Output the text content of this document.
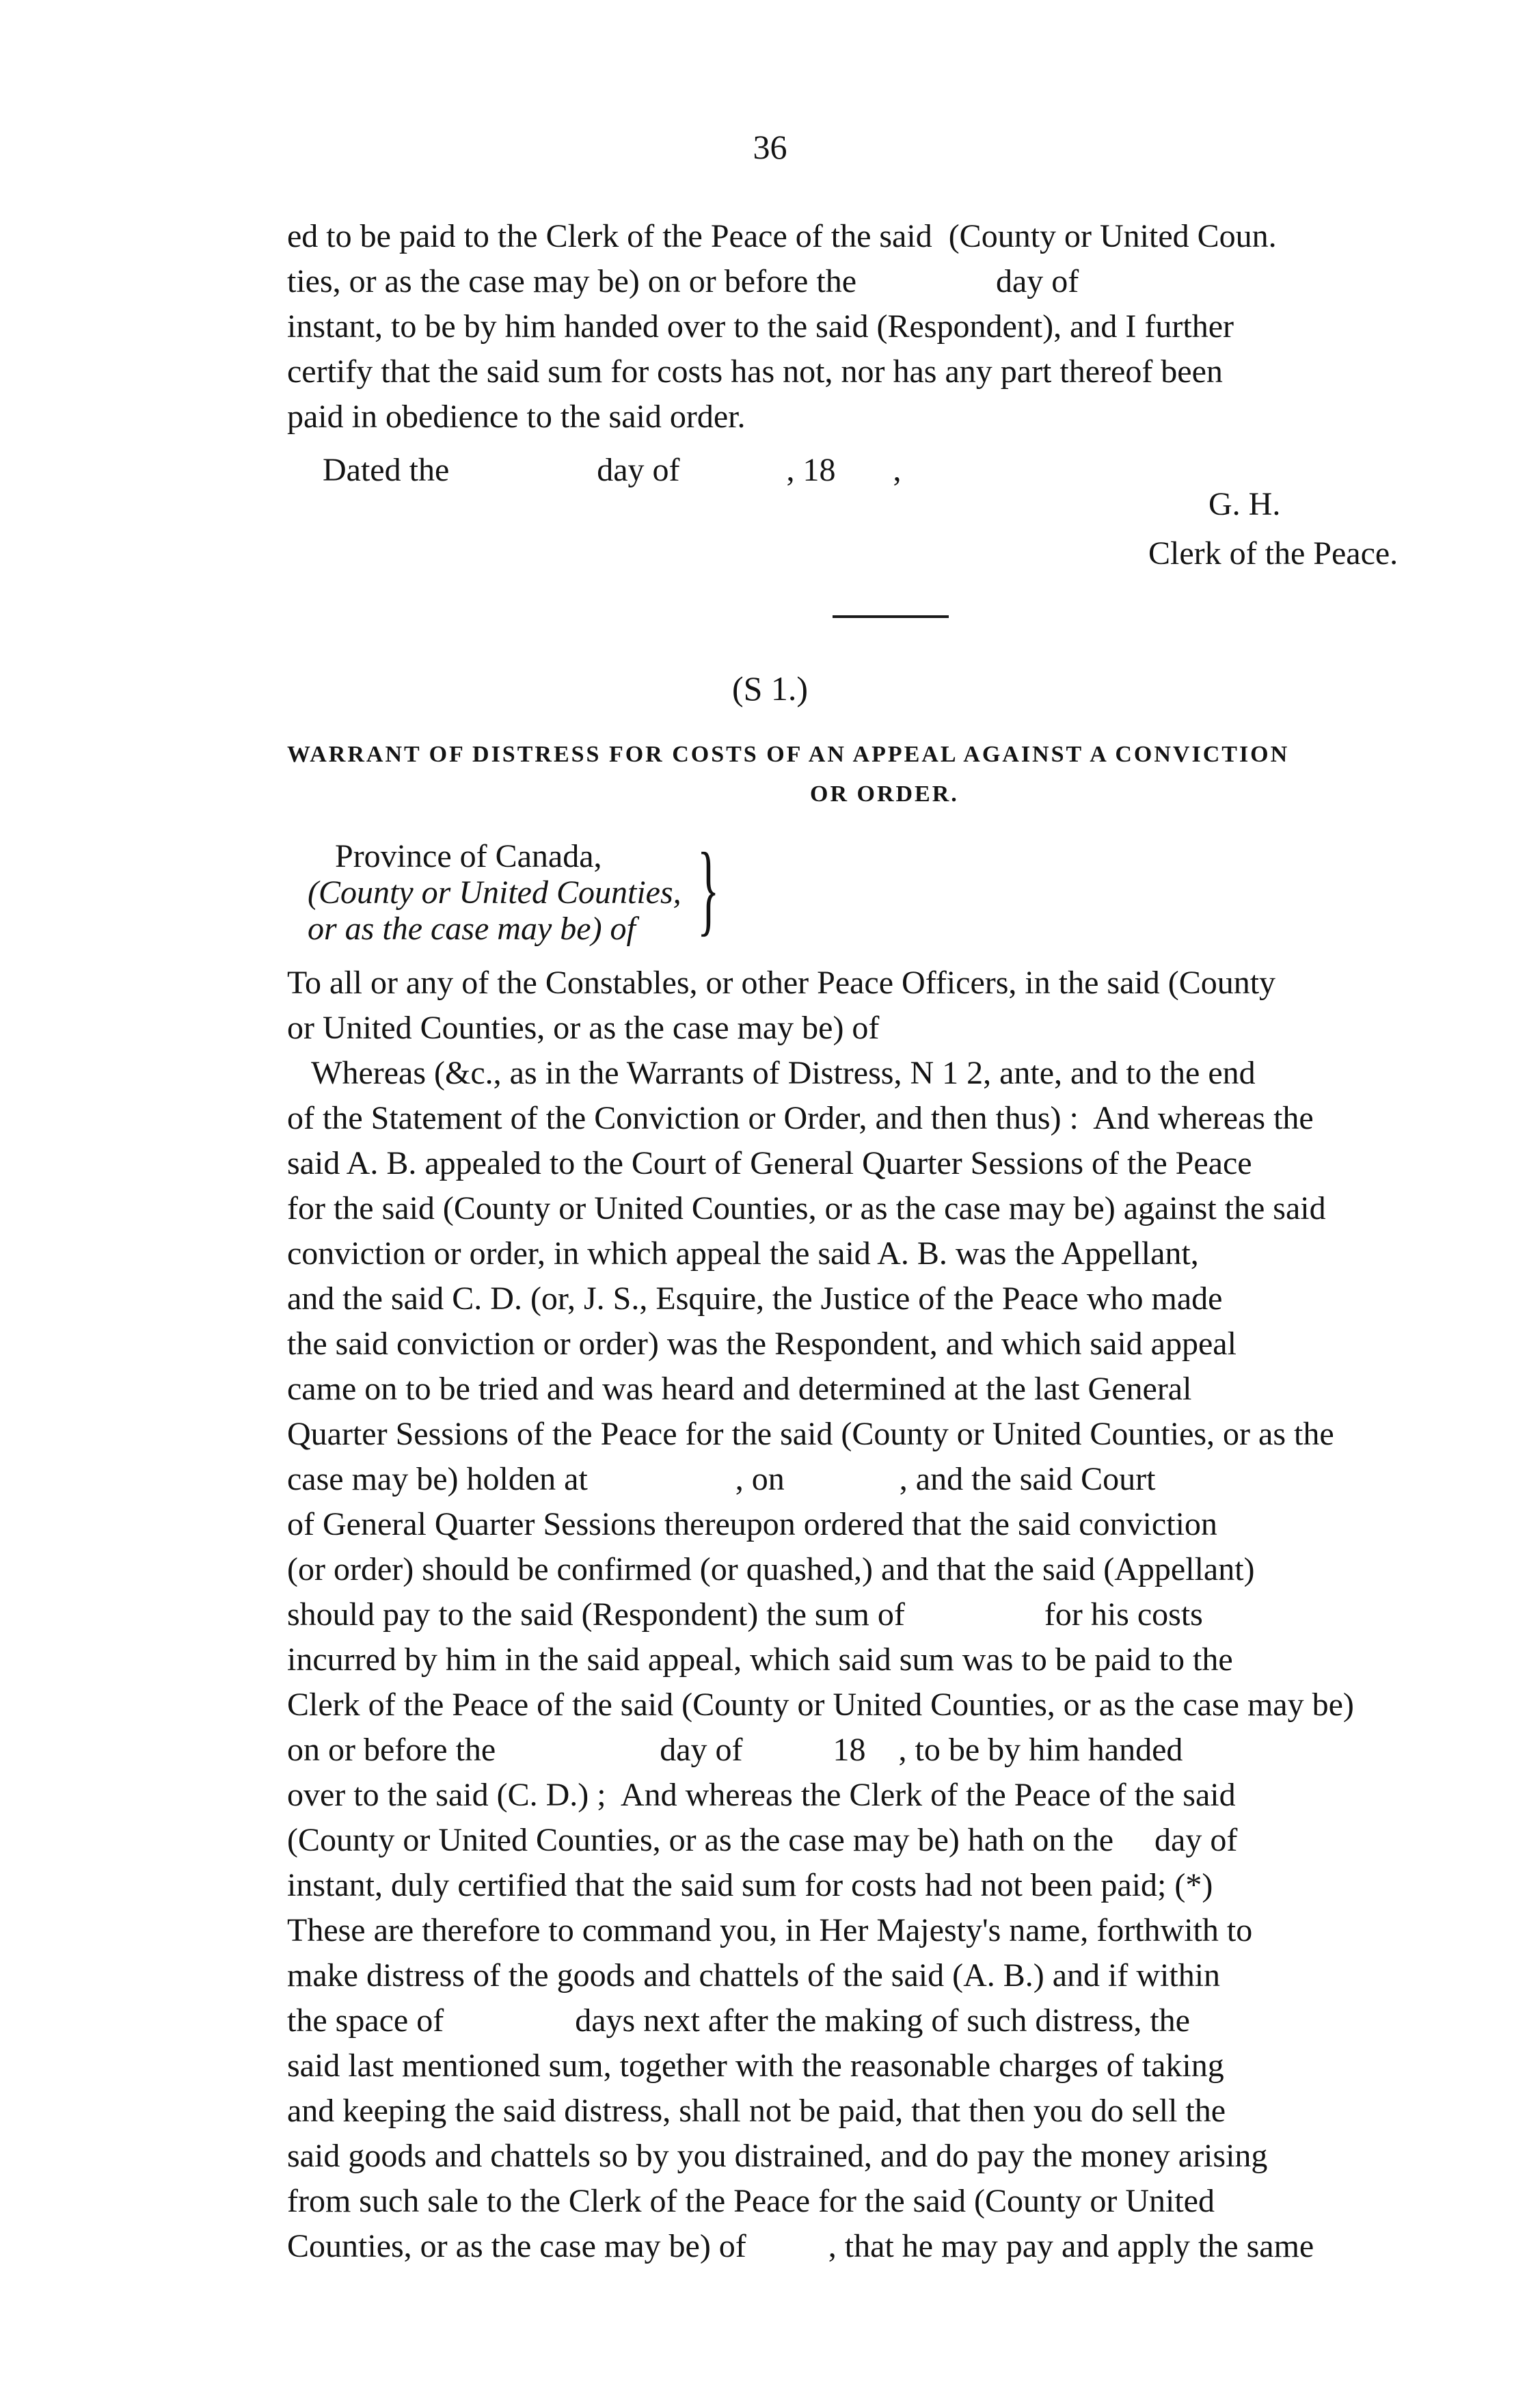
36
ed to be paid to the Clerk of the Peace of the said  (County or United Coun.
ties, or as the case may be) on or before the                 day of
instant, to be by him handed over to the said (Respondent), and I further
certify that the said sum for costs has not, nor has any part thereof been
paid in obedience to the said order.
Dated the                  day of             , 18       ,
G. H.
Clerk of the Peace.
(S 1.)
WARRANT OF DISTRESS FOR COSTS OF AN APPEAL AGAINST A CONVICTION
OR ORDER.
Province of Canada,
(County or United Counties,
or as the case may be) of }
To all or any of the Constables, or other Peace Officers, in the said (County
or United Counties, or as the case may be) of
Whereas (&c., as in the Warrants of Distress, N 1 2, ante, and to the end
of the Statement of the Conviction or Order, and then thus) :  And whereas the
said A. B. appealed to the Court of General Quarter Sessions of the Peace
for the said (County or United Counties, or as the case may be) against the said
conviction or order, in which appeal the said A. B. was the Appellant,
and the said C. D. (or, J. S., Esquire, the Justice of the Peace who made
the said conviction or order) was the Respondent, and which said appeal
came on to be tried and was heard and determined at the last General
Quarter Sessions of the Peace for the said (County or United Counties, or as the
case may be) holden at                  , on              , and the said Court
of General Quarter Sessions thereupon ordered that the said conviction
(or order) should be confirmed (or quashed,) and that the said (Appellant)
should pay to the said (Respondent) the sum of                 for his costs
incurred by him in the said appeal, which said sum was to be paid to the
Clerk of the Peace of the said (County or United Counties, or as the case may be)
on or before the                    day of           18    , to be by him handed
over to the said (C. D.) ;  And whereas the Clerk of the Peace of the said
(County or United Counties, or as the case may be) hath on the     day of
instant, duly certified that the said sum for costs had not been paid; (*)
These are therefore to command you, in Her Majesty's name, forthwith to
make distress of the goods and chattels of the said (A. B.) and if within
the space of                days next after the making of such distress, the
said last mentioned sum, together with the reasonable charges of taking
and keeping the said distress, shall not be paid, that then you do sell the
said goods and chattels so by you distrained, and do pay the money arising
from such sale to the Clerk of the Peace for the said (County or United
Counties, or as the case may be) of          , that he may pay and apply the same
